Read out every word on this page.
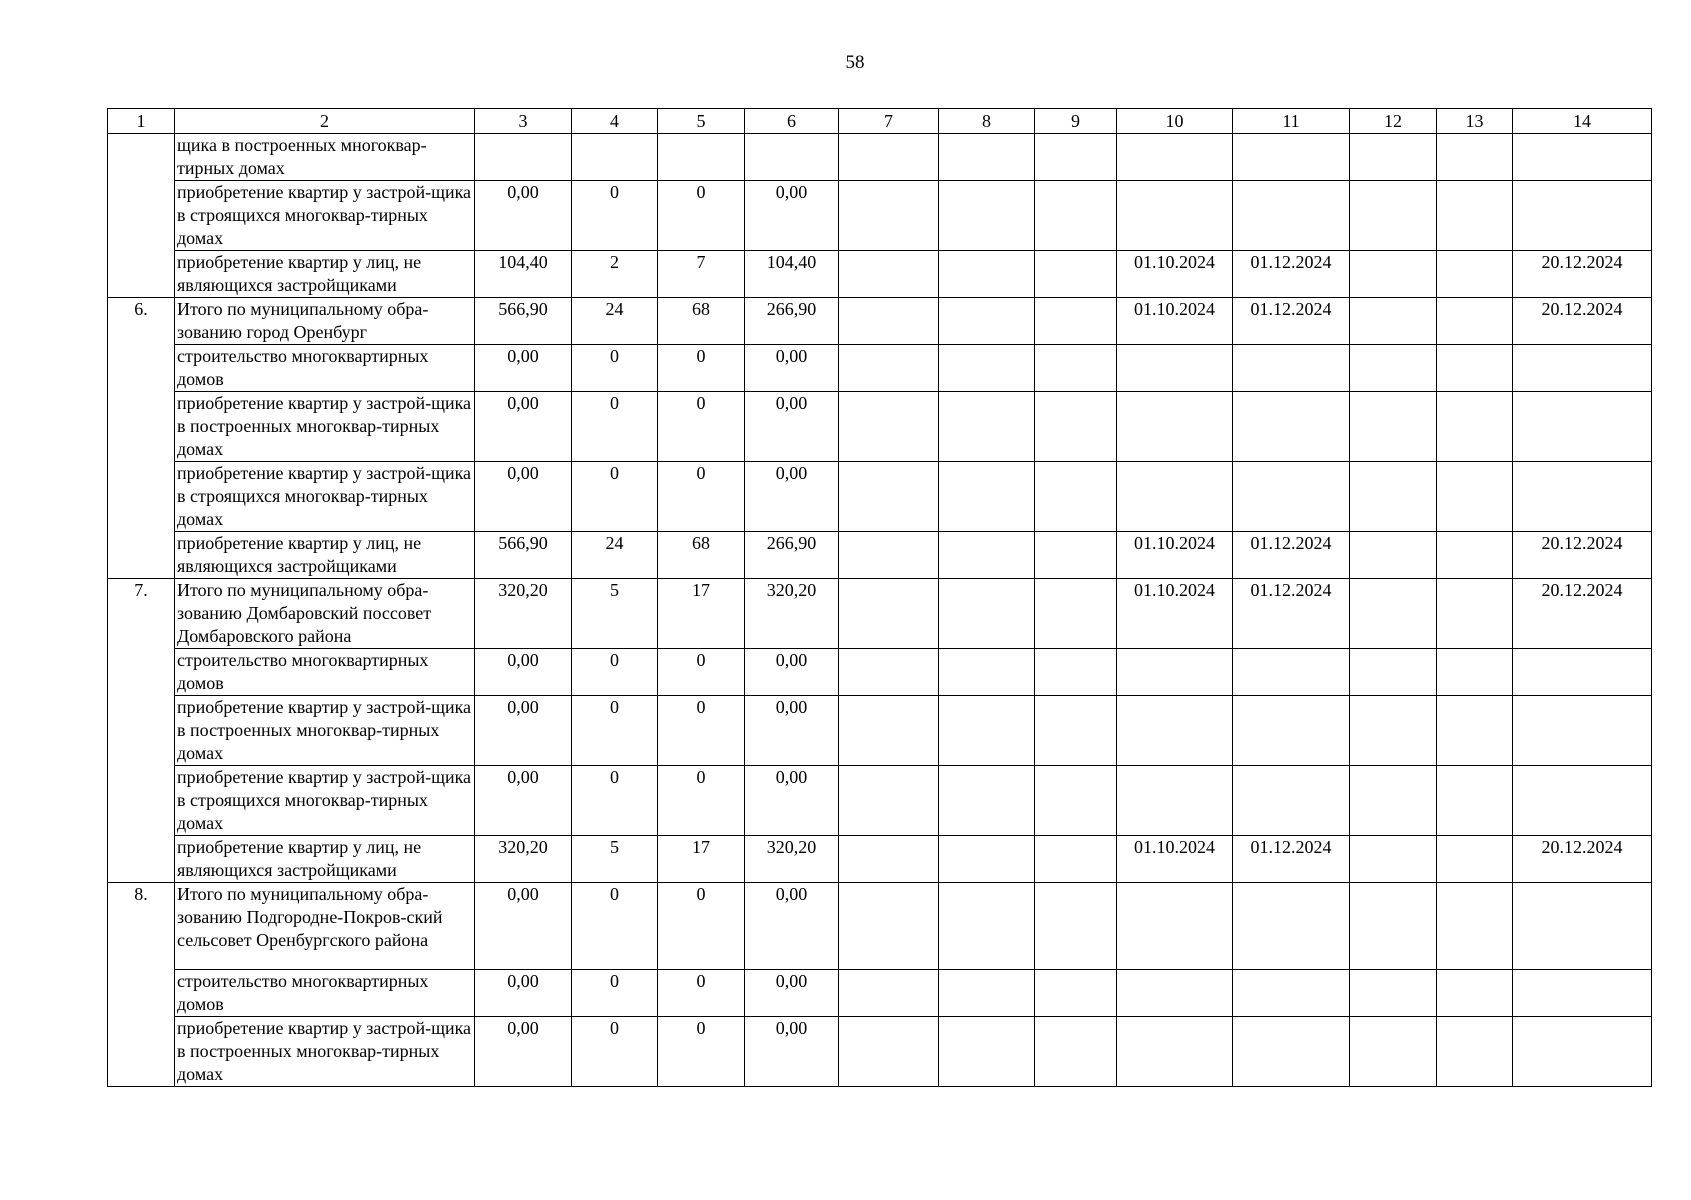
58
1	2	3	4	5	6	7	8	9	10	11	12	13	14
	щика в построенных многоквар-тирных домах												
	приобретение квартир у застрой-щика в строящихся многоквар-тирных домах	0,00	0	0	0,00								
	приобретение квартир у лиц, не являющихся застройщиками	104,40	2	7	104,40				01.10.2024	01.12.2024			20.12.2024
6.	Итого по муниципальному обра-зованию город Оренбург	566,90	24	68	266,90				01.10.2024	01.12.2024			20.12.2024
	строительство многоквартирных домов	0,00	0	0	0,00								
	приобретение квартир у застрой-щика в построенных многоквар-тирных домах	0,00	0	0	0,00								
	приобретение квартир у застрой-щика в строящихся многоквар-тирных домах	0,00	0	0	0,00								
	приобретение квартир у лиц, не являющихся застройщиками	566,90	24	68	266,90				01.10.2024	01.12.2024			20.12.2024
7.	Итого по муниципальному обра-зованию Домбаровский поссовет Домбаровского района	320,20	5	17	320,20				01.10.2024	01.12.2024			20.12.2024
	строительство многоквартирных домов	0,00	0	0	0,00								
	приобретение квартир у застрой-щика в построенных многоквар-тирных домах	0,00	0	0	0,00								
	приобретение квартир у застрой-щика в строящихся многоквар-тирных домах	0,00	0	0	0,00								
	приобретение квартир у лиц, не являющихся застройщиками	320,20	5	17	320,20				01.10.2024	01.12.2024			20.12.2024
8.	Итого по муниципальному обра-зованию Подгородне-Покров-ский сельсовет Оренбургского района	0,00	0	0	0,00								
	строительство многоквартирных домов	0,00	0	0	0,00								
	приобретение квартир у застрой-щика в построенных многоквар-тирных домах	0,00	0	0	0,00								
